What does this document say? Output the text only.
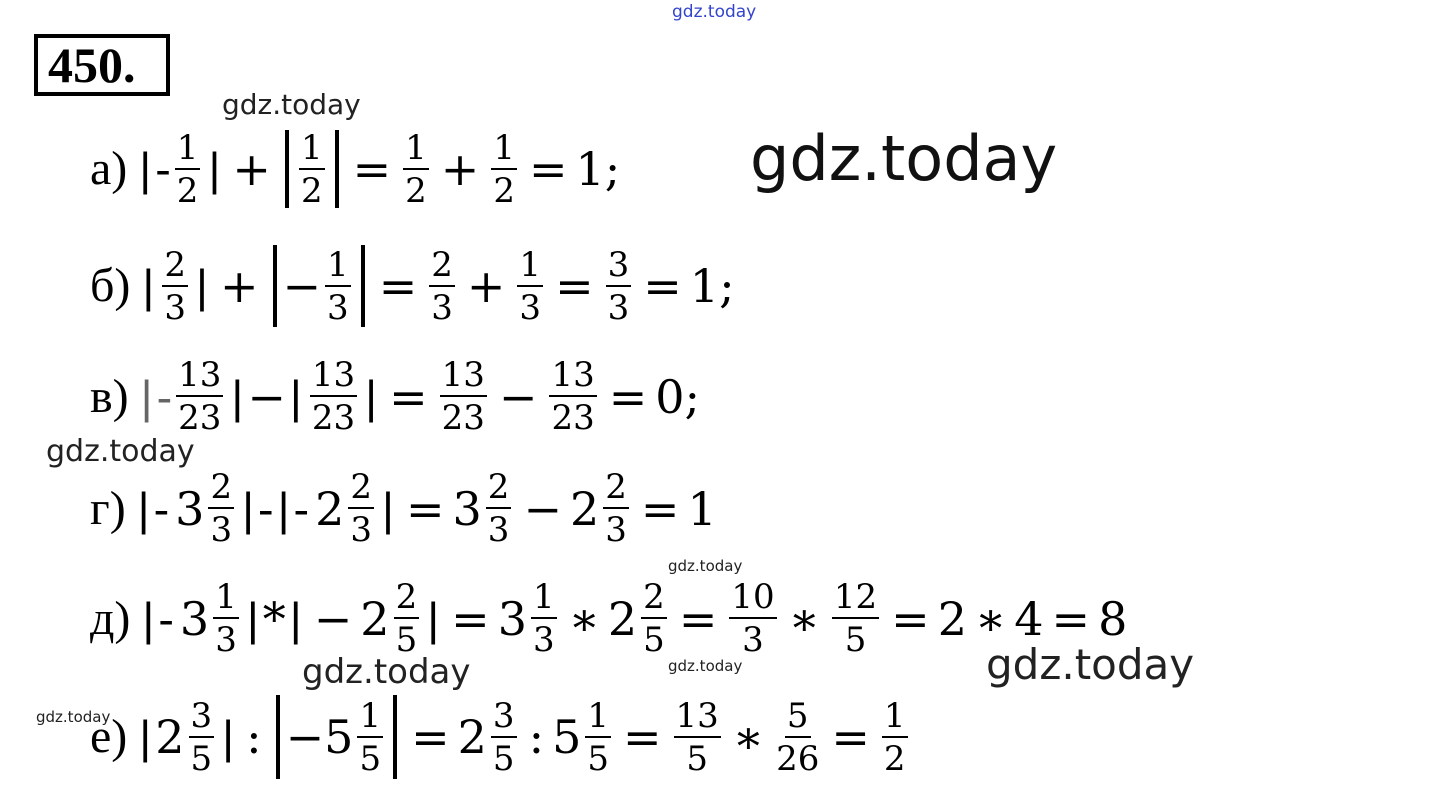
450.
gdz.today
gdz.today
gdz.today
gdz.today
gdz.today
gdz.today	gdz.today
gdz.today
gdz.today
а) | - $\frac{1}{2}$ | + $\frac{1}{2} = \frac{1}{2} + \frac{1}{2} = 1$;
б) | $\frac{2}{3}$ | + − $\frac{1}{3} = \frac{2}{3} + \frac{1}{3} = \frac{3}{3} = 1$;
в) | - $\frac{13}{23}$ | − | $\frac{13}{23}$ | = $\frac{13}{23} - \frac{13}{23} = 0$;
г) | - $3 \frac{2}{3}$ | - | - $2 \frac{2}{3}$ | = $3 \frac{2}{3} - 2 \frac{2}{3} = 1$
д) | - $3 \frac{1}{3}$ | * | − $2 \frac{2}{5}$ | = $3 \frac{1}{3}$ ∗ $2 \frac{2}{5} = \frac{10}{3}$ ∗ $\frac{12}{5} = 2$ ∗ 4 = 8
е) | $2 \frac{3}{5}$ | : − $5 \frac{1}{5} = 2 \frac{3}{5}$ : $5 \frac{1}{5} = \frac{13}{5}$ ∗ $\frac{5}{26} = \frac{1}{2}$
